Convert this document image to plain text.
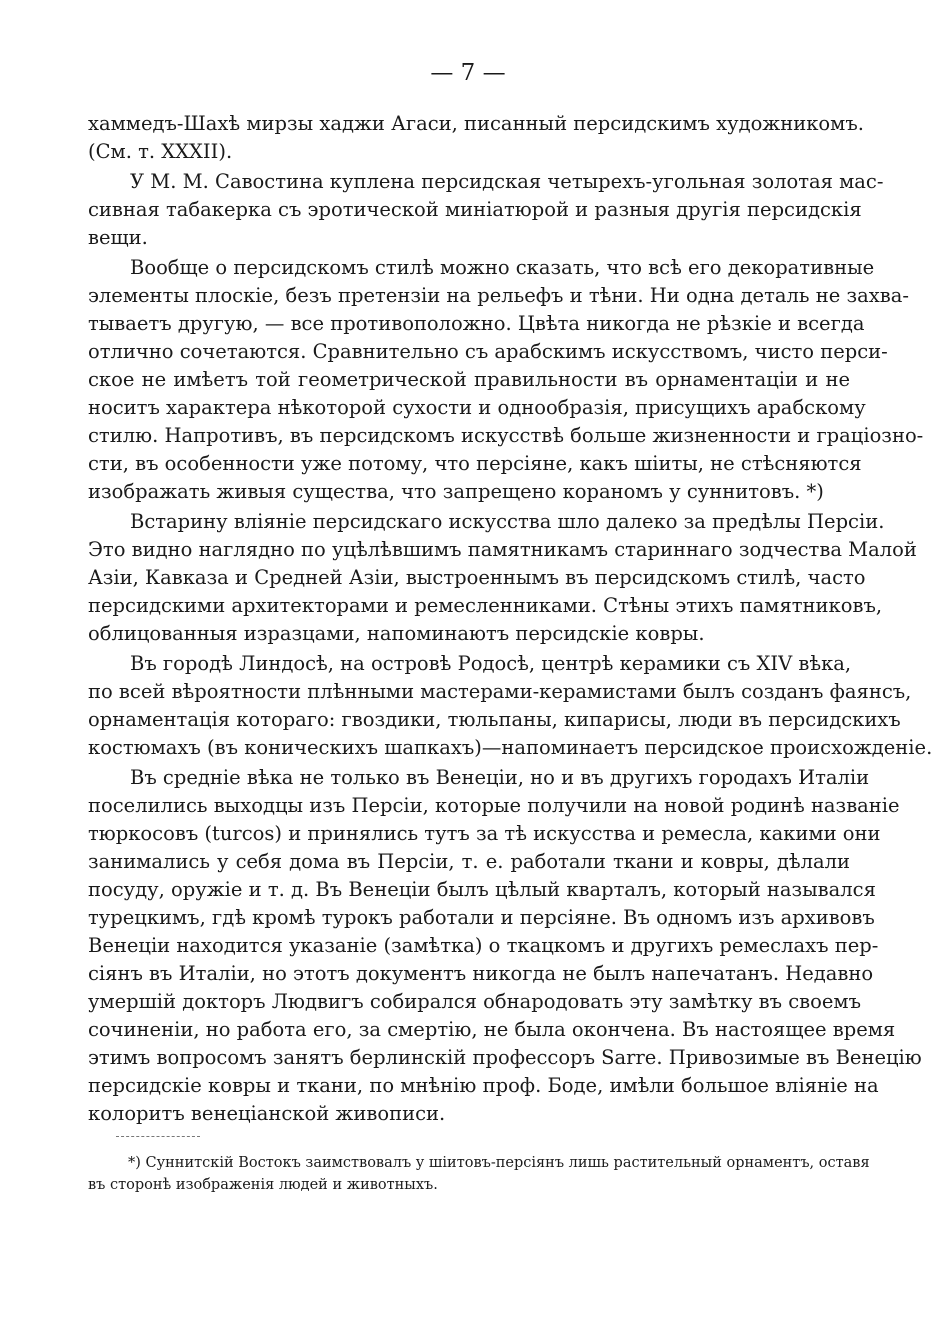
— 7 —
хаммедъ-Шахѣ мирзы хаджи Агаси, писанный персидскимъ художникомъ.
(См. т. XXXII).
У М. М. Савостина куплена персидская четырехъ-угольная золотая мас-
сивная табакерка съ эротической миніатюрой и разныя другія персидскія
вещи.
Вообще о персидскомъ стилѣ можно сказать, что всѣ его декоративные
элементы плоскіе, безъ претензіи на рельефъ и тѣни. Ни одна деталь не захва-
тываетъ другую, — все противоположно. Цвѣта никогда не рѣзкіе и всегда
отлично сочетаются. Сравнительно съ арабскимъ искусствомъ, чисто перси-
ское не имѣетъ той геометрической правильности въ орнаментаціи и не
носитъ характера нѣкоторой сухости и однообразія, присущихъ арабскому
стилю. Напротивъ, въ персидскомъ искусствѣ больше жизненности и граціозно-
сти, въ особенности уже потому, что персіяне, какъ шіиты, не стѣсняются
изображать живыя существа, что запрещено кораномъ у суннитовъ. *)
Встарину вліяніе персидскаго искусства шло далеко за предѣлы Персіи.
Это видно наглядно по уцѣлѣвшимъ памятникамъ стариннаго зодчества Малой
Азіи, Кавказа и Средней Азіи, выстроеннымъ въ персидскомъ стилѣ, часто
персидскими архитекторами и ремесленниками. Стѣны этихъ памятниковъ,
облицованныя изразцами, напоминаютъ персидскіе ковры.
Въ городѣ Линдосѣ, на островѣ Родосѣ, центрѣ керамики съ XIV вѣка,
по всей вѣроятности плѣнными мастерами-керамистами былъ созданъ фаянсъ,
орнаментація котораго: гвоздики, тюльпаны, кипарисы, люди въ персидскихъ
костюмахъ (въ коническихъ шапкахъ)—напоминаетъ персидское происхожденіе.
Въ средніе вѣка не только въ Венеціи, но и въ другихъ городахъ Италіи
поселились выходцы изъ Персіи, которые получили на новой родинѣ названіе
тюркосовъ (turcos) и принялись тутъ за тѣ искусства и ремесла, какими они
занимались у себя дома въ Персіи, т. е. работали ткани и ковры, дѣлали
посуду, оружіе и т. д. Въ Венеціи былъ цѣлый кварталъ, который назывался
турецкимъ, гдѣ кромѣ турокъ работали и персіяне. Въ одномъ изъ архивовъ
Венеціи находится указаніе (замѣтка) о ткацкомъ и другихъ ремеслахъ пер-
сіянъ въ Италіи, но этотъ документъ никогда не былъ напечатанъ. Недавно
умершій докторъ Людвигъ собирался обнародовать эту замѣтку въ своемъ
сочиненіи, но работа его, за смертію, не была окончена. Въ настоящее время
этимъ вопросомъ занятъ берлинскій профессоръ Sarre. Привозимые въ Венецію
персидскіе ковры и ткани, по мнѣнію проф. Боде, имѣли большое вліяніе на
колоритъ венеціанской живописи.
*) Суннитскій Востокъ заимствовалъ у шіитовъ-персіянъ лишь растительный орнаментъ, оставя
въ сторонѣ изображенія людей и животныхъ.
